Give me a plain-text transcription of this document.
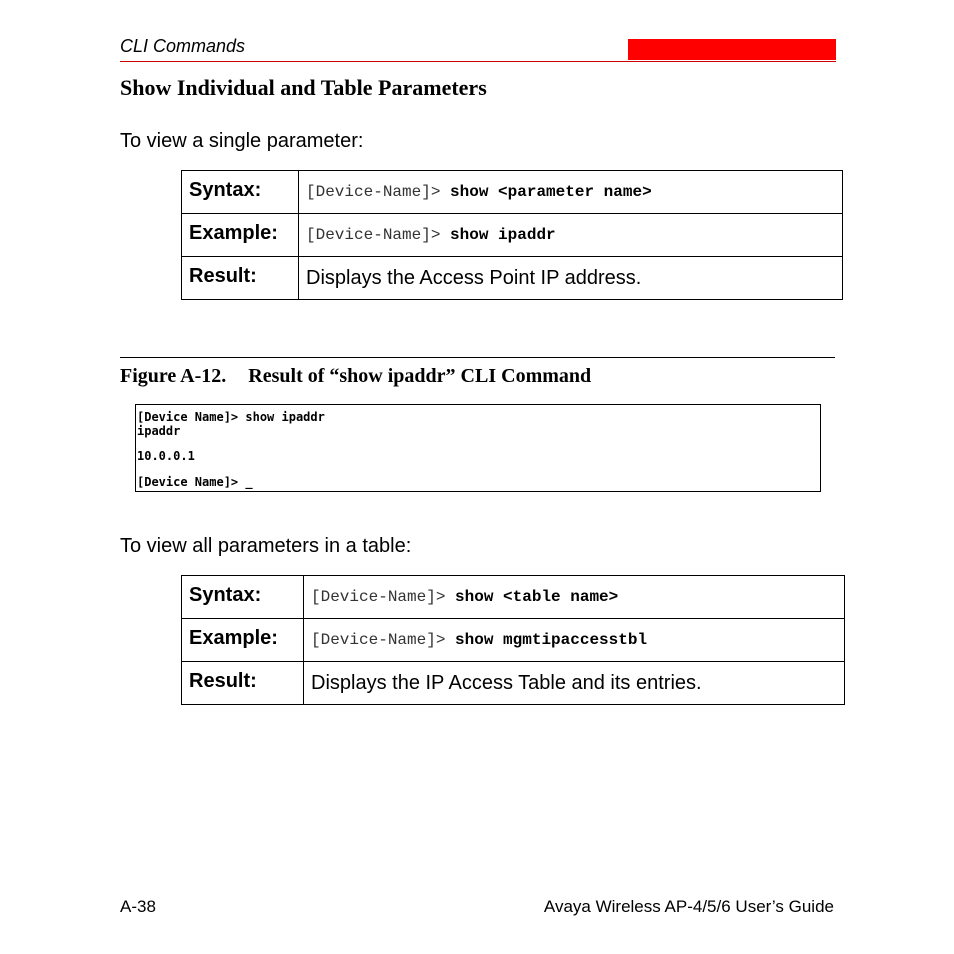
CLI Commands
Show Individual and Table Parameters
To view a single parameter:
Syntax:	[Device-Name]> show <parameter name>
Example:	[Device-Name]> show ipaddr
Result:	Displays the Access Point IP address.
Figure A-12. Result of “show ipaddr” CLI Command
[Device Name]> show ipaddr
ipaddr
10.0.0.1
[Device Name]> _
To view all parameters in a table:
Syntax:	[Device-Name]> show <table name>
Example:	[Device-Name]> show mgmtipaccesstbl
Result:	Displays the IP Access Table and its entries.
A-38	Avaya Wireless AP-4/5/6 User’s Guide
